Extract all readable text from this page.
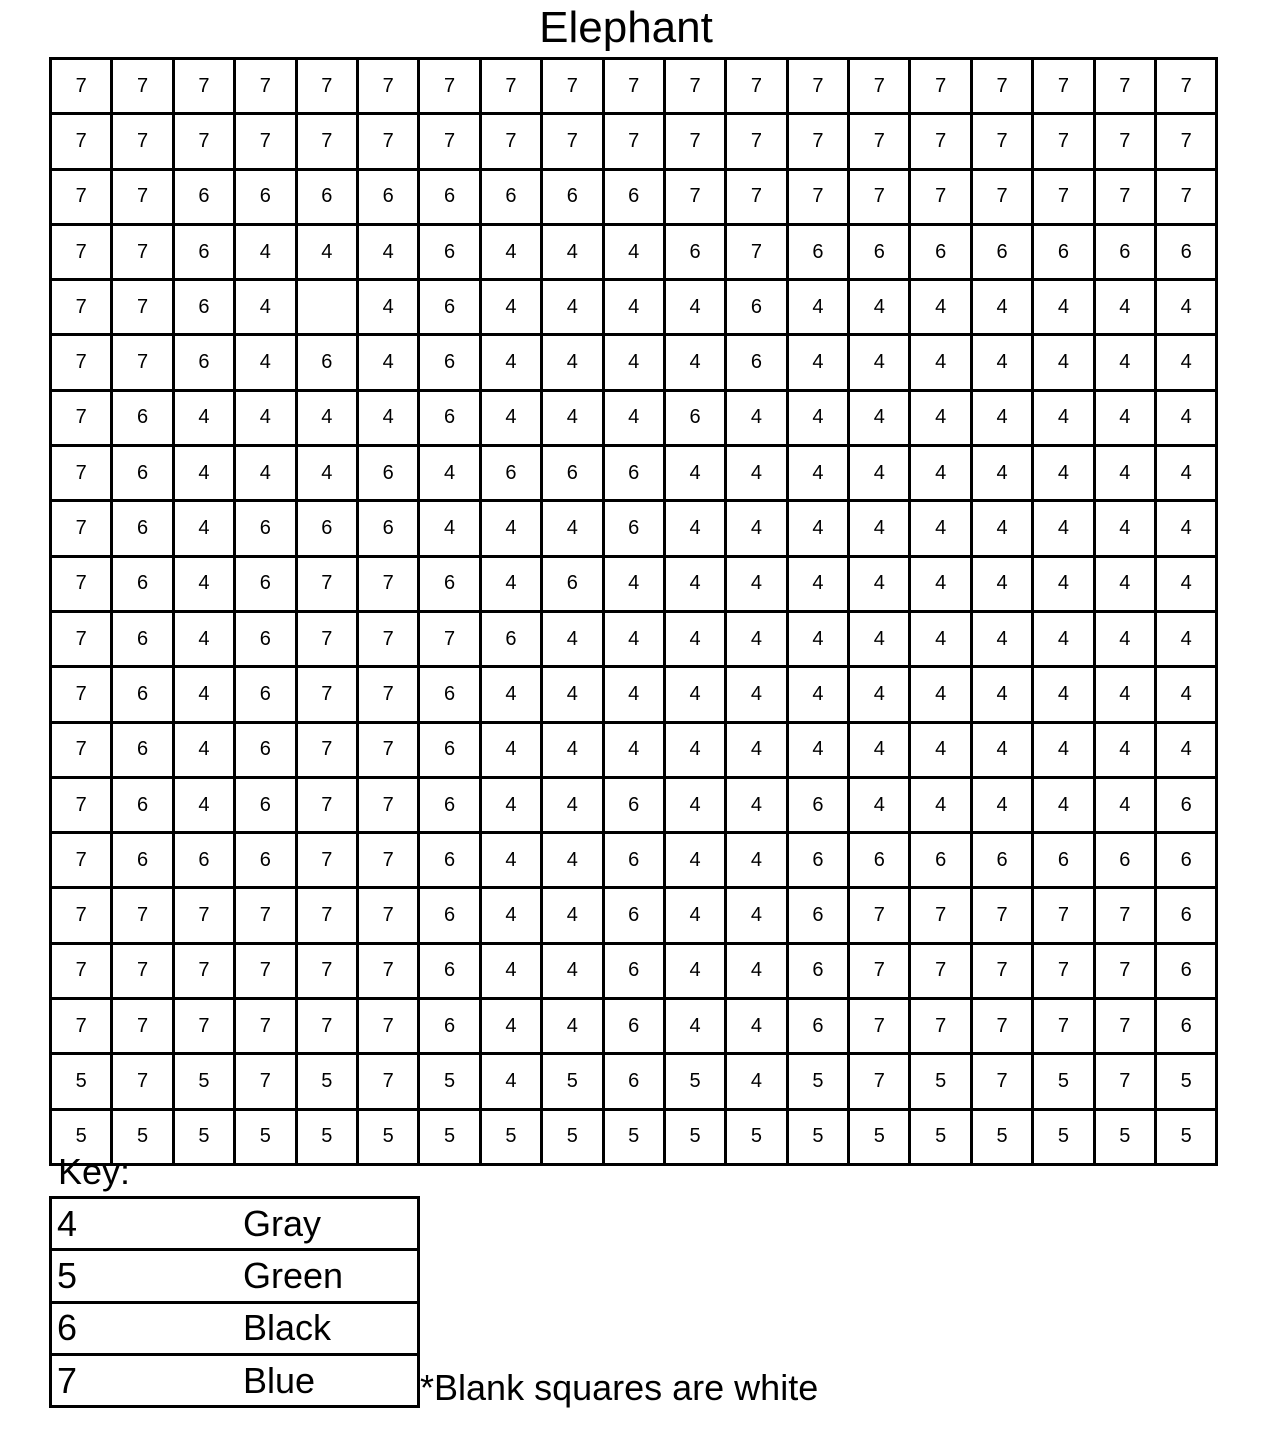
Elephant
7	7	7	7	7	7	7	7	7	7	7	7	7	7	7	7	7	7	7
7	7	7	7	7	7	7	7	7	7	7	7	7	7	7	7	7	7	7
7	7	6	6	6	6	6	6	6	6	7	7	7	7	7	7	7	7	7
7	7	6	4	4	4	6	4	4	4	6	7	6	6	6	6	6	6	6
7	7	6	4		4	6	4	4	4	4	6	4	4	4	4	4	4	4
7	7	6	4	6	4	6	4	4	4	4	6	4	4	4	4	4	4	4
7	6	4	4	4	4	6	4	4	4	6	4	4	4	4	4	4	4	4
7	6	4	4	4	6	4	6	6	6	4	4	4	4	4	4	4	4	4
7	6	4	6	6	6	4	4	4	6	4	4	4	4	4	4	4	4	4
7	6	4	6	7	7	6	4	6	4	4	4	4	4	4	4	4	4	4
7	6	4	6	7	7	7	6	4	4	4	4	4	4	4	4	4	4	4
7	6	4	6	7	7	6	4	4	4	4	4	4	4	4	4	4	4	4
7	6	4	6	7	7	6	4	4	4	4	4	4	4	4	4	4	4	4
7	6	4	6	7	7	6	4	4	6	4	4	6	4	4	4	4	4	6
7	6	6	6	7	7	6	4	4	6	4	4	6	6	6	6	6	6	6
7	7	7	7	7	7	6	4	4	6	4	4	6	7	7	7	7	7	6
7	7	7	7	7	7	6	4	4	6	4	4	6	7	7	7	7	7	6
7	7	7	7	7	7	6	4	4	6	4	4	6	7	7	7	7	7	6
5	7	5	7	5	7	5	4	5	6	5	4	5	7	5	7	5	7	5
5	5	5	5	5	5	5	5	5	5	5	5	5	5	5	5	5	5	5
Key:
4	Gray
5	Green
6	Black
7	Blue	*Blank squares are white
